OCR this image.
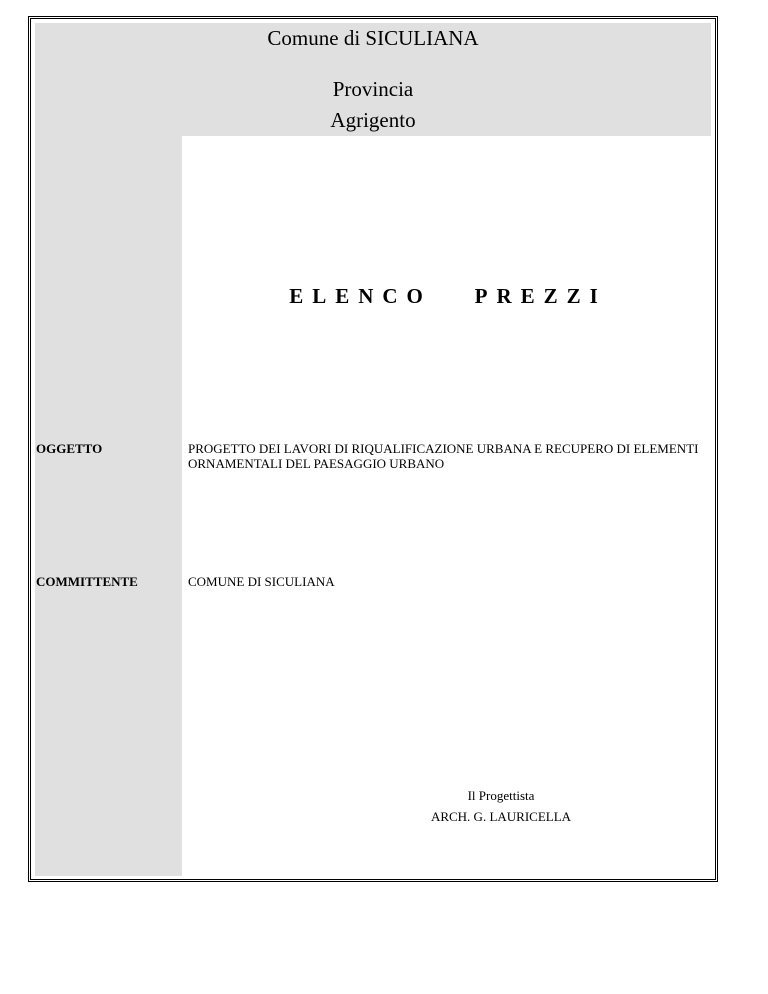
Comune di SICULIANA
Provincia
Agrigento
ELENCO   PREZZI
OGGETTO	PROGETTO DEI LAVORI DI RIQUALIFICAZIONE URBANA E RECUPERO DI ELEMENTI ORNAMENTALI DEL PAESAGGIO URBANO
COMMITTENTE	COMUNE DI SICULIANA
Il Progettista
ARCH. G. LAURICELLA
